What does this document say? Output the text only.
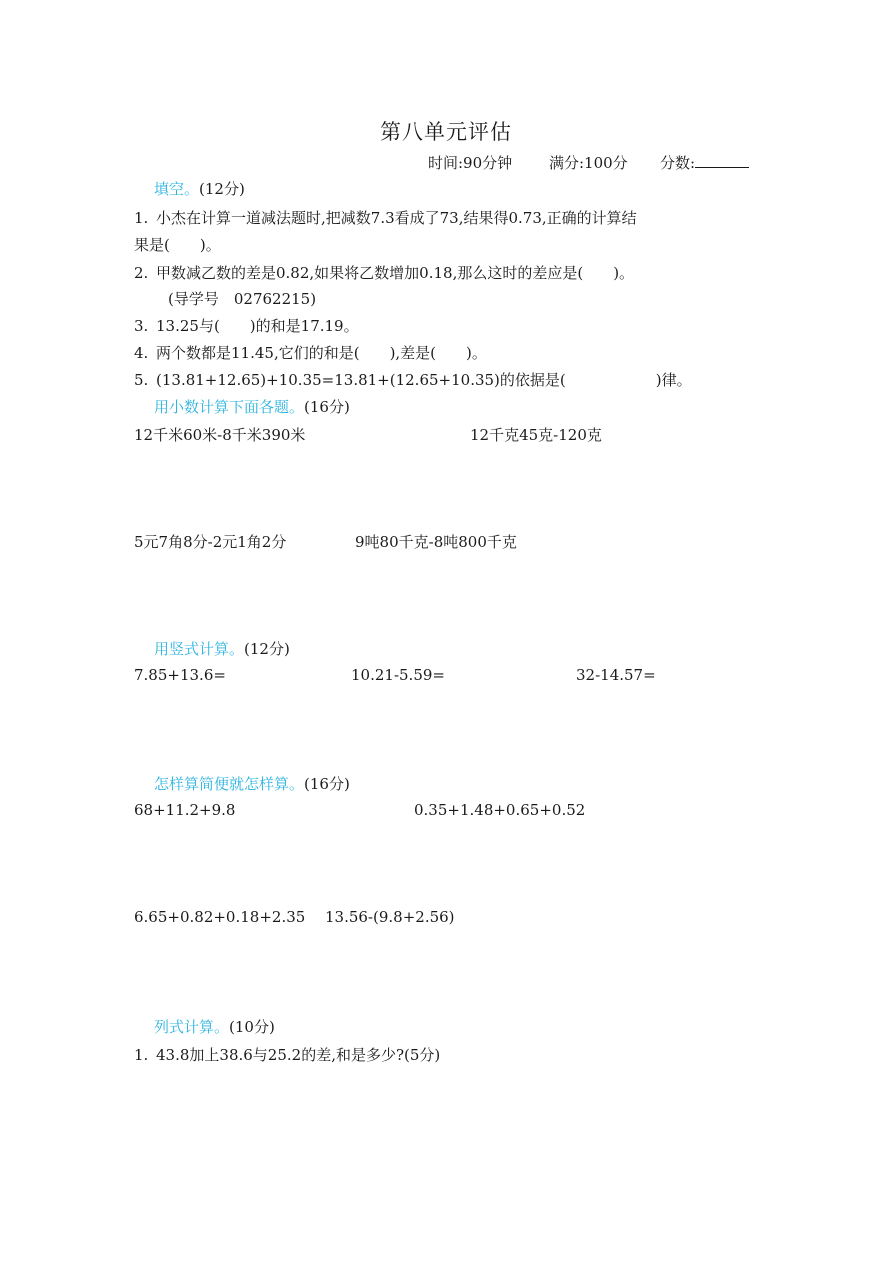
第八单元评估
时间:90分钟 满分:100分 分数:
填空。(12分)
1. 小杰在计算一道减法题时,把减数7.3看成了73,结果得0.73,正确的计算结
果是(　　)。
2. 甲数减乙数的差是0.82,如果将乙数增加0.18,那么这时的差应是(　　)。
(导学号　02762215)
3. 13.25与(　　)的和是17.19。
4. 两个数都是11.45,它们的和是(　　),差是(　　)。
5. (13.81+12.65)+10.35=13.81+(12.65+10.35)的依据是(　　　　　　)律。
用小数计算下面各题。(16分)
12千米60米-8千米390米	12千克45克-120克
5元7角8分-2元1角2分	9吨80千克-8吨800千克
用竖式计算。(12分)
7.85+13.6=	10.21-5.59=	32-14.57=
怎样算简便就怎样算。(16分)
68+11.2+9.8	0.35+1.48+0.65+0.52
6.65+0.82+0.18+2.35 13.56-(9.8+2.56)
列式计算。(10分)
1. 43.8加上38.6与25.2的差,和是多少?(5分)
